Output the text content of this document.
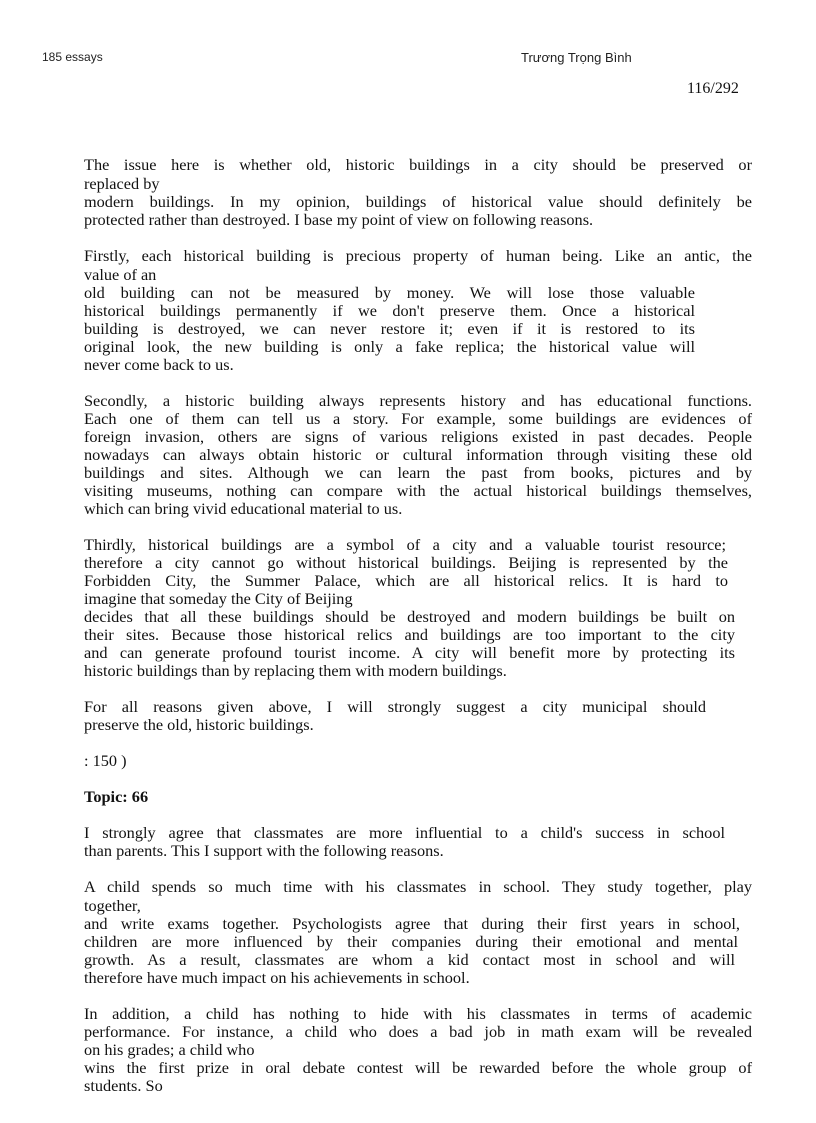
185 essays	Trương Trọng Bình
116/292
The issue here is whether old, historic buildings in a city should be preserved or
replaced by
modern buildings. In my opinion, buildings of historical value should definitely be
protected rather than destroyed. I base my point of view on following reasons.
Firstly, each historical building is precious property of human being. Like an antic, the
value of an
old building can not be measured by money. We will lose those valuable
historical buildings permanently if we don't preserve them. Once a historical
building is destroyed, we can never restore it; even if it is restored to its
original look, the new building is only a fake replica; the historical value will
never come back to us.
Secondly, a historic building always represents history and has educational functions.
Each one of them can tell us a story. For example, some buildings are evidences of
foreign invasion, others are signs of various religions existed in past decades. People
nowadays can always obtain historic or cultural information through visiting these old
buildings and sites. Although we can learn the past from books, pictures and by
visiting museums, nothing can compare with the actual historical buildings themselves,
which can bring vivid educational material to us.
Thirdly, historical buildings are a symbol of a city and a valuable tourist resource;
therefore a city cannot go without historical buildings. Beijing is represented by the
Forbidden City, the Summer Palace, which are all historical relics. It is hard to
imagine that someday the City of Beijing
decides that all these buildings should be destroyed and modern buildings be built on
their sites. Because those historical relics and buildings are too important to the city
and can generate profound tourist income. A city will benefit more by protecting its
historic buildings than by replacing them with modern buildings.
For all reasons given above, I will strongly suggest a city municipal should
preserve the old, historic buildings.
: 150 )
Topic: 66
I strongly agree that classmates are more influential to a child's success in school
than parents. This I support with the following reasons.
A child spends so much time with his classmates in school. They study together, play
together,
and write exams together. Psychologists agree that during their first years in school,
children are more influenced by their companies during their emotional and mental
growth. As a result, classmates are whom a kid contact most in school and will
therefore have much impact on his achievements in school.
In addition, a child has nothing to hide with his classmates in terms of academic
performance. For instance, a child who does a bad job in math exam will be revealed
on his grades; a child who
wins the first prize in oral debate contest will be rewarded before the whole group of
students. So
